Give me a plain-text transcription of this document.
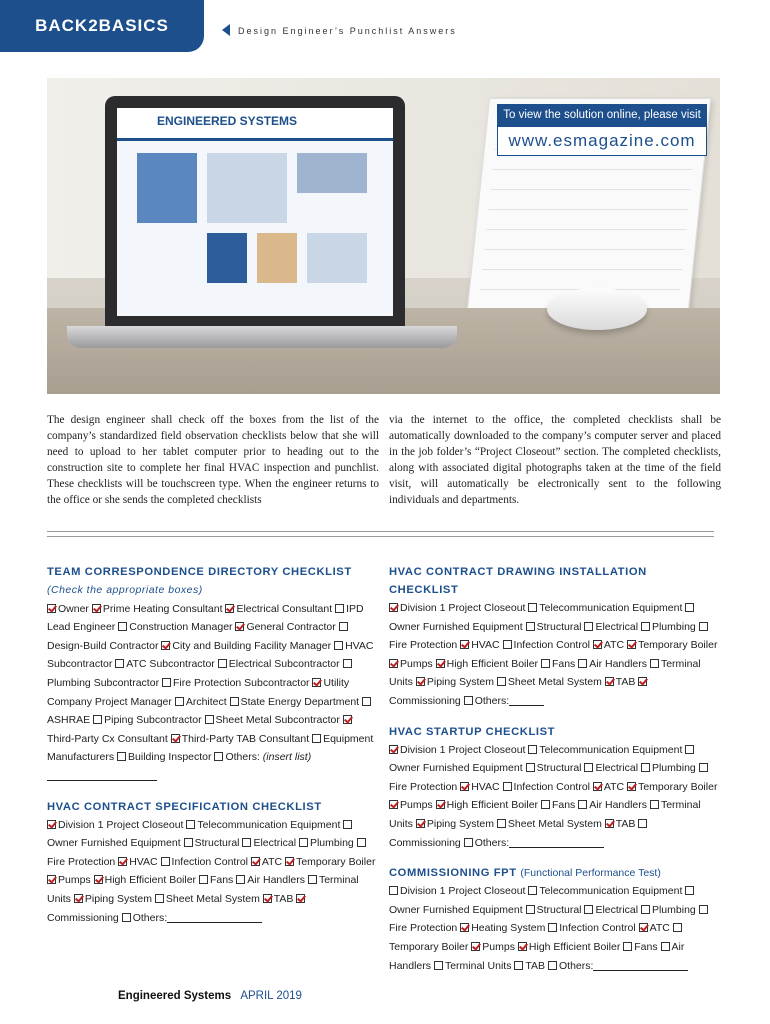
BACK2BASICS	Design Engineer’s Punchlist Answers
ENGINEERED SYSTEMS	To view the solution online, please visit
www.esmagazine.com
The design engineer shall check off the boxes from the list of the company’s standardized field observation checklists below that she will need to upload to her tablet computer prior to heading out to the construction site to complete her final HVAC inspection and punchlist. These checklists will be touchscreen type. When the engineer returns to the office or she sends the completed checklists
via the internet to the office, the completed checklists shall be automatically downloaded to the company’s computer server and placed in the job folder’s “Project Closeout” section. The completed checklists, along with associated digital photographs taken at the time of the field visit, will automatically be electronically sent to the following individuals and departments.
TEAM CORRESPONDENCE DIRECTORY CHECKLIST
(Check the appropriate boxes)
Owner Prime Heating Consultant Electrical Consultant IPD Lead Engineer Construction Manager General Contractor Design-Build Contractor City and Building Facility Manager HVAC Subcontractor ATC Subcontractor Electrical Subcontractor Plumbing Subcontractor Fire Protection Subcontractor Utility Company Project Manager Architect State Energy Department ASHRAE Piping Subcontractor Sheet Metal Subcontractor Third-Party Cx Consultant Third-Party TAB Consultant Equipment Manufacturers Building Inspector Others: (insert list)
HVAC CONTRACT SPECIFICATION CHECKLIST
Division 1 Project Closeout Telecommunication Equipment Owner Furnished Equipment Structural Electrical Plumbing Fire Protection HVAC Infection Control ATC Temporary Boiler Pumps High Efficient Boiler Fans Air Handlers Terminal Units Piping System Sheet Metal System TAB Commissioning Others:
HVAC CONTRACT DRAWING INSTALLATION CHECKLIST
Division 1 Project Closeout Telecommunication Equipment Owner Furnished Equipment Structural Electrical Plumbing Fire Protection HVAC Infection Control ATC Temporary Boiler Pumps High Efficient Boiler Fans Air Handlers Terminal Units Piping System Sheet Metal System TAB Commissioning Others:
HVAC STARTUP CHECKLIST
Division 1 Project Closeout Telecommunication Equipment Owner Furnished Equipment Structural Electrical Plumbing Fire Protection HVAC Infection Control ATC Temporary Boiler Pumps High Efficient Boiler Fans Air Handlers Terminal Units Piping System Sheet Metal System TAB Commissioning Others:
COMMISSIONING FPT (Functional Performance Test)
Division 1 Project Closeout Telecommunication Equipment Owner Furnished Equipment Structural Electrical Plumbing Fire Protection Heating System Infection Control ATC Temporary Boiler Pumps High Efficient Boiler Fans Air Handlers Terminal Units TAB Others:
Engineered Systems APRIL 2019
